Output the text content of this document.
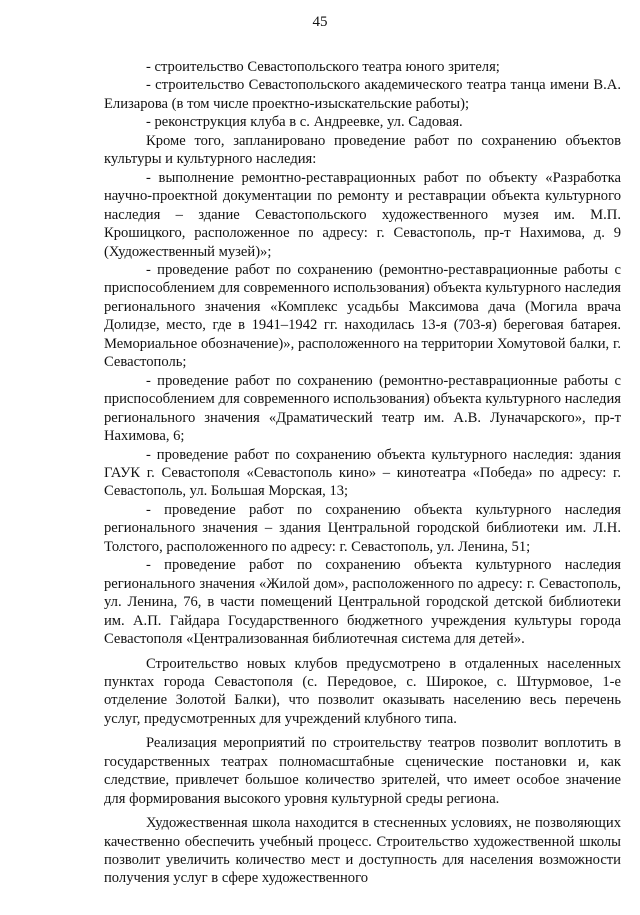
45

- строительство Севастопольского театра юного зрителя;

- строительство Севастопольского академического театра танца имени В.А. Елизарова (в том числе проектно-изыскательские работы);

- реконструкция клуба в с. Андреевке, ул. Садовая.

Кроме того, запланировано проведение работ по сохранению объектов культуры и культурного наследия:

- выполнение ремонтно-реставрационных работ по объекту «Разработка научно-проектной документации по ремонту и реставрации объекта культурного наследия – здание Севастопольского художественного музея им. М.П. Крошицкого, расположенное по адресу: г. Севастополь, пр-т Нахимова, д. 9 (Художественный музей)»;

- проведение работ по сохранению (ремонтно-реставрационные работы с приспособлением для современного использования) объекта культурного наследия регионального значения «Комплекс усадьбы Максимова дача (Могила врача Долидзе, место, где в 1941–1942 гг. находилась 13-я (703-я) береговая батарея. Мемориальное обозначение)», расположенного на территории Хомутовой балки, г. Севастополь;

- проведение работ по сохранению (ремонтно-реставрационные работы с приспособлением для современного использования) объекта культурного наследия регионального значения «Драматический театр им. А.В. Луначарского», пр-т Нахимова, 6;

- проведение работ по сохранению объекта культурного наследия: здания ГАУК г. Севастополя «Севастополь кино» – кинотеатра «Победа» по адресу: г. Севастополь, ул. Большая Морская, 13;

- проведение работ по сохранению объекта культурного наследия регионального значения – здания Центральной городской библиотеки им. Л.Н. Толстого, расположенного по адресу: г. Севастополь, ул. Ленина, 51;

- проведение работ по сохранению объекта культурного наследия регионального значения «Жилой дом», расположенного по адресу: г. Севастополь, ул. Ленина, 76, в части помещений Центральной городской детской библиотеки им. А.П. Гайдара Государственного бюджетного учреждения культуры города Севастополя «Централизованная библиотечная система для детей».

Строительство новых клубов предусмотрено в отдаленных населенных пунктах города Севастополя (с. Передовое, с. Широкое, с. Штурмовое, 1-е отделение Золотой Балки), что позволит оказывать населению весь перечень услуг, предусмотренных для учреждений клубного типа.

Реализация мероприятий по строительству театров позволит воплотить в государственных театрах полномасштабные сценические постановки и, как следствие, привлечет большое количество зрителей, что имеет особое значение для формирования высокого уровня культурной среды региона.

Художественная школа находится в стесненных условиях, не позволяющих качественно обеспечить учебный процесс. Строительство художественной школы позволит увеличить количество мест и доступность для населения возможности получения услуг в сфере художественного
